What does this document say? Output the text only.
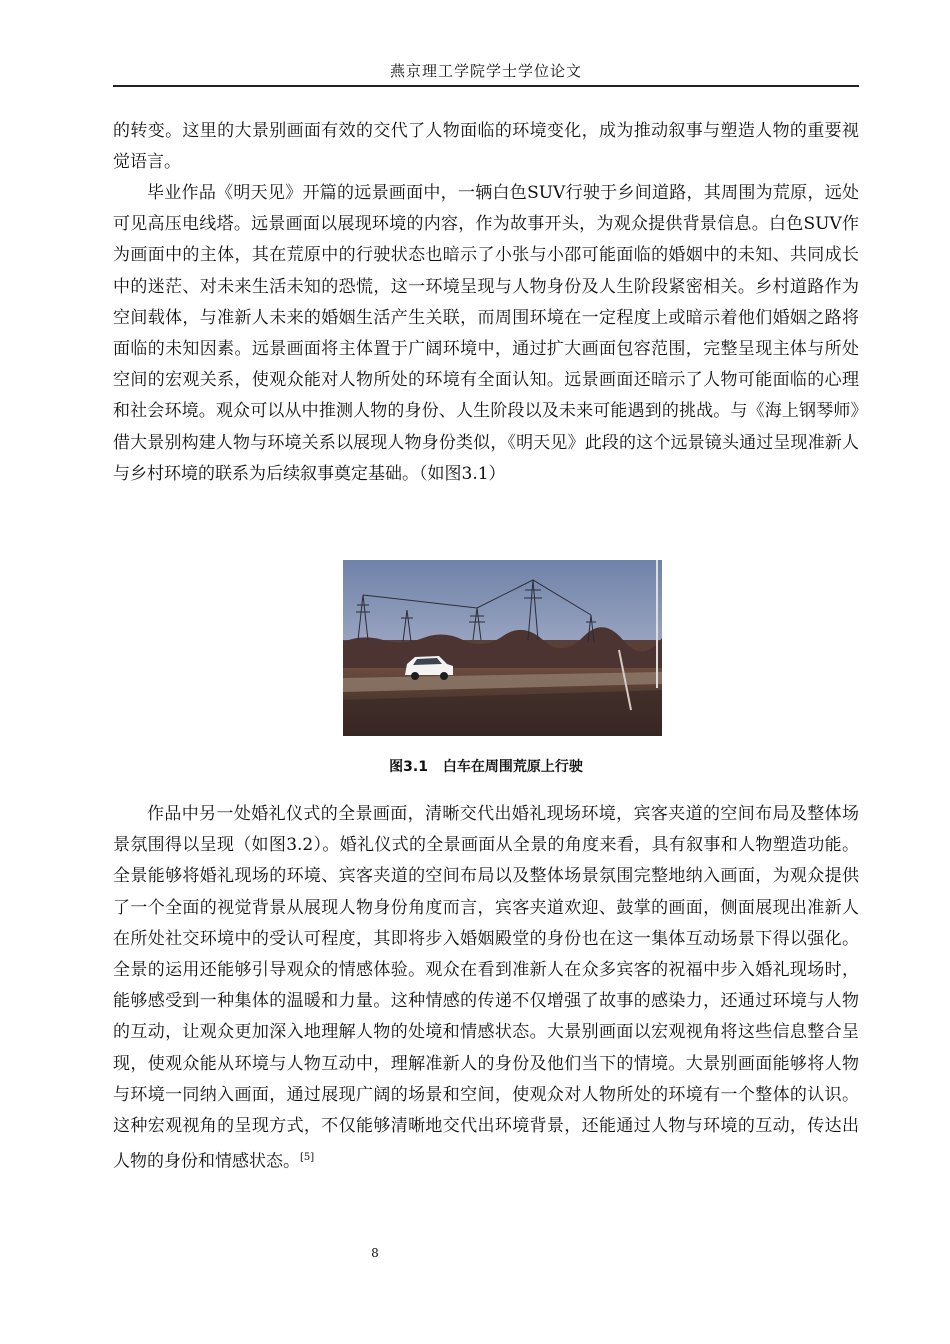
燕京理工学院学士学位论文

的转变。这里的大景别画面有效的交代了人物面临的环境变化，成为推动叙事与塑造人物的重要视觉语言。

毕业作品《明天见》开篇的远景画面中，一辆白色SUV行驶于乡间道路，其周围为荒原，远处可见高压电线塔。远景画面以展现环境的内容，作为故事开头，为观众提供背景信息。白色SUV作为画面中的主体，其在荒原中的行驶状态也暗示了小张与小邵可能面临的婚姻中的未知、共同成长中的迷茫、对未来生活未知的恐慌，这一环境呈现与人物身份及人生阶段紧密相关。乡村道路作为空间载体，与准新人未来的婚姻生活产生关联，而周围环境在一定程度上或暗示着他们婚姻之路将面临的未知因素。远景画面将主体置于广阔环境中，通过扩大画面包容范围，完整呈现主体与所处空间的宏观关系，使观众能对人物所处的环境有全面认知。远景画面还暗示了人物可能面临的心理和社会环境。观众可以从中推测人物的身份、人生阶段以及未来可能遇到的挑战。与《海上钢琴师》借大景别构建人物与环境关系以展现人物身份类似，《明天见》此段的这个远景镜头通过呈现准新人与乡村环境的联系为后续叙事奠定基础。（如图3.1）

图3.1 白车在周围荒原上行驶

作品中另一处婚礼仪式的全景画面，清晰交代出婚礼现场环境，宾客夹道的空间布局及整体场景氛围得以呈现（如图3.2）。婚礼仪式的全景画面从全景的角度来看，具有叙事和人物塑造功能。全景能够将婚礼现场的环境、宾客夹道的空间布局以及整体场景氛围完整地纳入画面，为观众提供了一个全面的视觉背景从展现人物身份角度而言，宾客夹道欢迎、鼓掌的画面，侧面展现出准新人在所处社交环境中的受认可程度，其即将步入婚姻殿堂的身份也在这一集体互动场景下得以强化。全景的运用还能够引导观众的情感体验。观众在看到准新人在众多宾客的祝福中步入婚礼现场时，能够感受到一种集体的温暖和力量。这种情感的传递不仅增强了故事的感染力，还通过环境与人物的互动，让观众更加深入地理解人物的处境和情感状态。大景别画面以宏观视角将这些信息整合呈现，使观众能从环境与人物互动中，理解准新人的身份及他们当下的情境。大景别画面能够将人物与环境一同纳入画面，通过展现广阔的场景和空间，使观众对人物所处的环境有一个整体的认识。这种宏观视角的呈现方式，不仅能够清晰地交代出环境背景，还能通过人物与环境的互动，传达出人物的身份和情感状态。[5]

8
